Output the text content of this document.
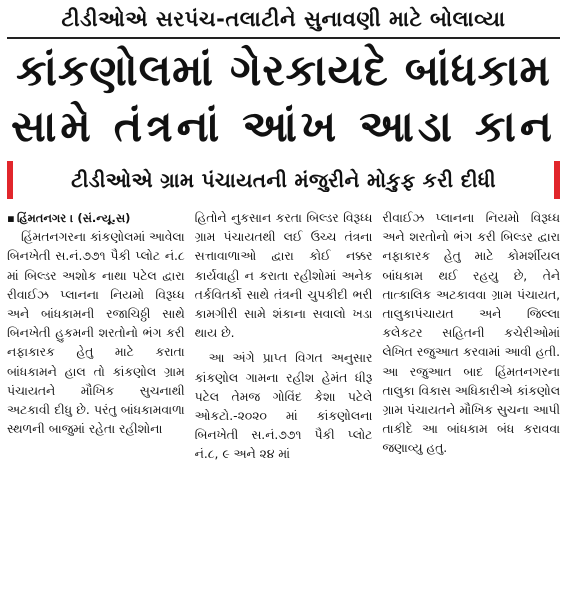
ટીડીઓએ સરપંચ-તલાટીને સુનાવણી માટે બોલાવ્યા
કાંકણોલમાં ગેરકાયદે બાંધકામ
સામે તંત્રનાં આંખ આડા કાન
ટીડીઓએ ગ્રામ પંચાયતની મંજુરીને મોકુફ કરી દીધી
▪ હિંમતનગર । (સં.ન્યૂ.સ)

હિંમતનગરના કાંકણોલમાં આવેલા બિનખેતી સ.નં.૭૭૧ પૈકી પ્લોટ નં.૮ માં બિલ્ડર અશોક નાથા પટેલ દ્વારા રીવાઈઝ પ્લાનના નિયમો વિરૂધ્ધ અને બાંધકામની રજાચિઠ્ઠી સાથે બિનખેતી હુકમની શરતોનો ભંગ કરી નફાકારક હેતુ માટે કરાતા બાંધકામને હાલ તો કાંકણોલ ગ્રામ પંચાયતને મૌખિક સુચનાથી અટકાવી દીધુ છે. પરંતુ બાંધકામવાળા સ્થળની બાજુમાં રહેતા રહીશોના

હિતોને નુકસાન કરતા બિલ્ડર વિરૂધ્ધ ગ્રામ પંચાયતથી લઈ ઉચ્ચ તંત્રના સત્તાવાળાઓ દ્વારા કોઈ નક્કર કાર્યવાહી ન કરાતા રહીશોમાં અનેક તર્કવિતર્કો સાથે તંત્રની ચુપકીદી ભરી કામગીરી સામે શંકાના સવાલો ખડા થાય છે.

આ અંગે પ્રાપ્ત વિગત અનુસાર કાંકણોલ ગામના રહીશ હેમંત ધીરૂ પટેલ તેમજ ગોવિંદ કેશા પટેલે ઓકટો.-૨૦૨૦ માં કાંકણોલના બિનખેતી સ.નં.૭૭૧ પૈકી પ્લોટ નં.૮, ૯ અને ૨૪ માં

રીવાઈઝ પ્લાનના નિયમો વિરૂધ્ધ અને શરતોનો ભંગ કરી બિલ્ડર દ્વારા નફાકારક હેતુ માટે કોમર્શીયલ બાંધકામ થઈ રહયુ છે, તેને તાત્કાલિક અટકાવવા ગ્રામ પંચાયત, તાલુકાપંચાયત અને જિલ્લા કલેકટર સહિતની કચેરીઓમાં લેખિત રજુઆત કરવામાં આવી હતી. આ રજુઆત બાદ હિંમતનગરના તાલુકા વિકાસ અધિકારીએ કાંકણોલ ગ્રામ પંચાયતને મૌખિક સુચના આપી તાકીદે આ બાંધકામ બંધ કરાવવા જણાવ્યુ હતુ.
